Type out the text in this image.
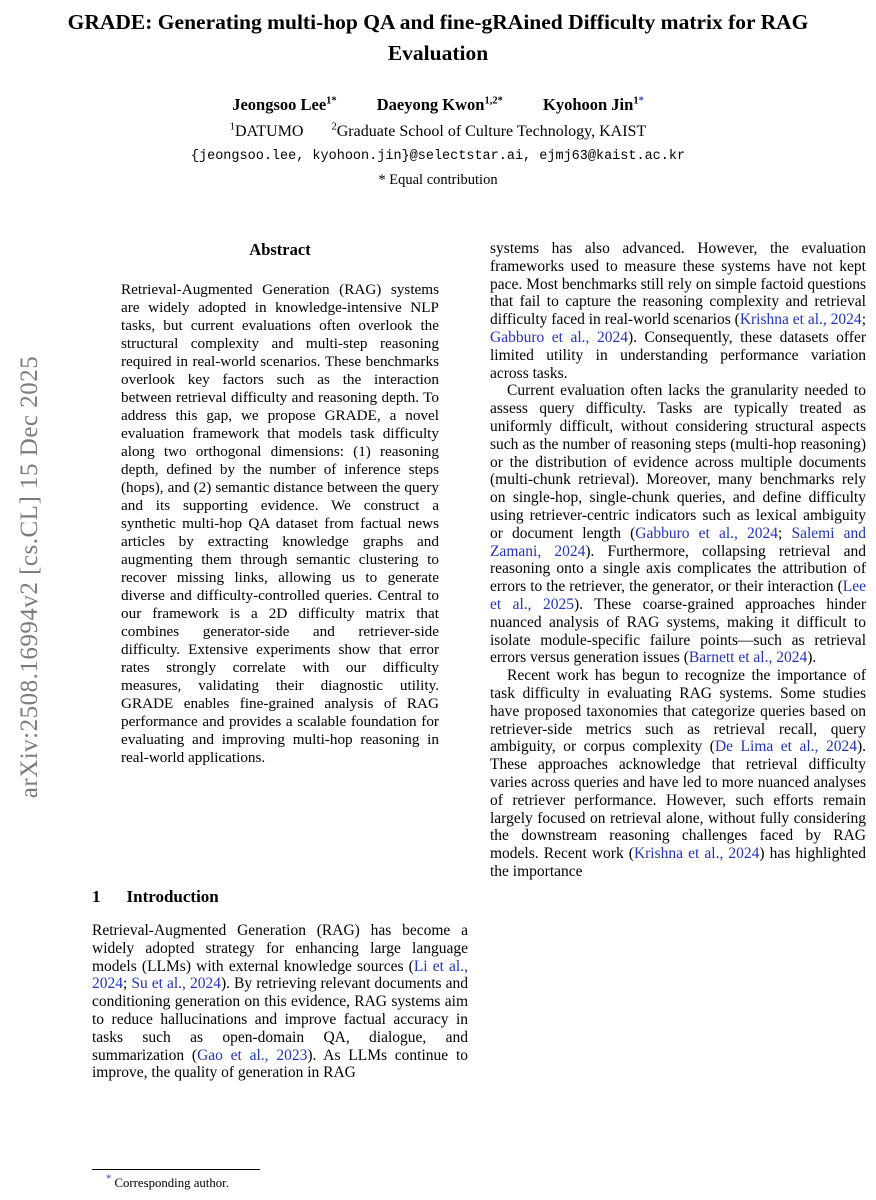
arXiv:2508.16994v2 [cs.CL] 15 Dec 2025
GRADE: Generating multi-hop QA and fine-gRAined Difficulty matrix for RAG Evaluation
Jeongsoo Lee$^{1*}$ Daeyong Kwon$^{1,2*}$ Kyohoon Jin$^{1*}$
$^1$DATUMO	$^2$Graduate School of Culture Technology, KAIST
{jeongsoo.lee, kyohoon.jin}@selectstar.ai, ejmj63@kaist.ac.kr
* Equal contribution
Abstract
Retrieval-Augmented Generation (RAG) systems are widely adopted in knowledge-intensive NLP tasks, but current evaluations often overlook the structural complexity and multi-step reasoning required in real-world scenarios. These benchmarks overlook key factors such as the interaction between retrieval difficulty and reasoning depth. To address this gap, we propose GRADE, a novel evaluation framework that models task difficulty along two orthogonal dimensions: (1) reasoning depth, defined by the number of inference steps (hops), and (2) semantic distance between the query and its supporting evidence. We construct a synthetic multi-hop QA dataset from factual news articles by extracting knowledge graphs and augmenting them through semantic clustering to recover missing links, allowing us to generate diverse and difficulty-controlled queries. Central to our framework is a 2D difficulty matrix that combines generator-side and retriever-side difficulty. Extensive experiments show that error rates strongly correlate with our difficulty measures, validating their diagnostic utility. GRADE enables fine-grained analysis of RAG performance and provides a scalable foundation for evaluating and improving multi-hop reasoning in real-world applications.
1 Introduction

Retrieval-Augmented Generation (RAG) has become a widely adopted strategy for enhancing large language models (LLMs) with external knowledge sources (Li et al., 2024; Su et al., 2024). By retrieving relevant documents and conditioning generation on this evidence, RAG systems aim to reduce hallucinations and improve factual accuracy in tasks such as open-domain QA, dialogue, and summarization (Gao et al., 2023). As LLMs continue to improve, the quality of generation in RAG

systems has also advanced. However, the evaluation frameworks used to measure these systems have not kept pace. Most benchmarks still rely on simple factoid questions that fail to capture the reasoning complexity and retrieval difficulty faced in real-world scenarios (Krishna et al., 2024; Gabburo et al., 2024). Consequently, these datasets offer limited utility in understanding performance variation across tasks.

Current evaluation often lacks the granularity needed to assess query difficulty. Tasks are typically treated as uniformly difficult, without considering structural aspects such as the number of reasoning steps (multi-hop reasoning) or the distribution of evidence across multiple documents (multi-chunk retrieval). Moreover, many benchmarks rely on single-hop, single-chunk queries, and define difficulty using retriever-centric indicators such as lexical ambiguity or document length (Gabburo et al., 2024; Salemi and Zamani, 2024). Furthermore, collapsing retrieval and reasoning onto a single axis complicates the attribution of errors to the retriever, the generator, or their interaction (Lee et al., 2025). These coarse-grained approaches hinder nuanced analysis of RAG systems, making it difficult to isolate module-specific failure points—such as retrieval errors versus generation issues (Barnett et al., 2024).

Recent work has begun to recognize the importance of task difficulty in evaluating RAG systems. Some studies have proposed taxonomies that categorize queries based on retriever-side metrics such as retrieval recall, query ambiguity, or corpus complexity (De Lima et al., 2024). These approaches acknowledge that retrieval difficulty varies across queries and have led to more nuanced analyses of retriever performance. However, such efforts remain largely focused on retrieval alone, without fully considering the downstream reasoning challenges faced by RAG models. Recent work (Krishna et al., 2024) has highlighted the importance

* Corresponding author.
